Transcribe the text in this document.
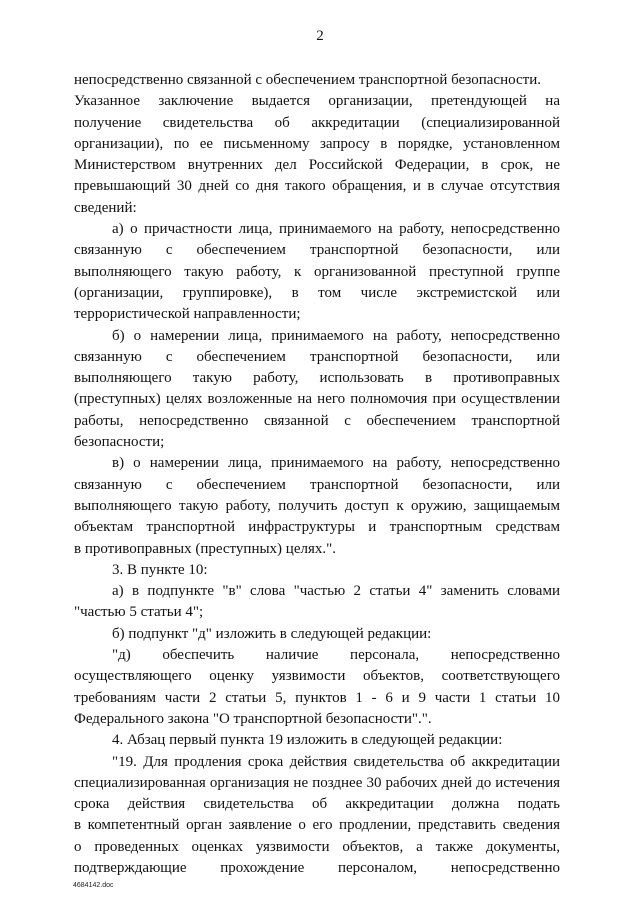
2
непосредственно связанной с обеспечением транспортной безопасности.
Указанное заключение выдается организации, претендующей на
получение свидетельства об аккредитации (специализированной
организации), по ее письменному запросу в порядке, установленном
Министерством внутренних дел Российской Федерации, в срок, не
превышающий 30 дней со дня такого обращения, и в случае отсутствия
сведений:
а) о причастности лица, принимаемого на работу, непосредственно
связанную с обеспечением транспортной безопасности, или
выполняющего такую работу, к организованной преступной группе
(организации, группировке), в том числе экстремистской или
террористической направленности;
б) о намерении лица, принимаемого на работу, непосредственно
связанную с обеспечением транспортной безопасности, или
выполняющего такую работу, использовать в противоправных
(преступных) целях возложенные на него полномочия при осуществлении
работы, непосредственно связанной с обеспечением транспортной
безопасности;
в) о намерении лица, принимаемого на работу, непосредственно
связанную с обеспечением транспортной безопасности, или
выполняющего такую работу, получить доступ к оружию, защищаемым
объектам транспортной инфраструктуры и транспортным средствам
в противоправных (преступных) целях.".
3. В пункте 10:
а) в подпункте "в" слова "частью 2 статьи 4" заменить словами
"частью 5 статьи 4";
б) подпункт "д" изложить в следующей редакции:
"д) обеспечить наличие персонала, непосредственно
осуществляющего оценку уязвимости объектов, соответствующего
требованиям части 2 статьи 5, пунктов 1 - 6 и 9 части 1 статьи 10
Федерального закона "О транспортной безопасности".".
4. Абзац первый пункта 19 изложить в следующей редакции:
"19. Для продления срока действия свидетельства об аккредитации
специализированная организация не позднее 30 рабочих дней до истечения
срока действия свидетельства об аккредитации должна подать
в компетентный орган заявление о его продлении, представить сведения
о проведенных оценках уязвимости объектов, а также документы,
подтверждающие прохождение персоналом, непосредственно
4684142.doc
